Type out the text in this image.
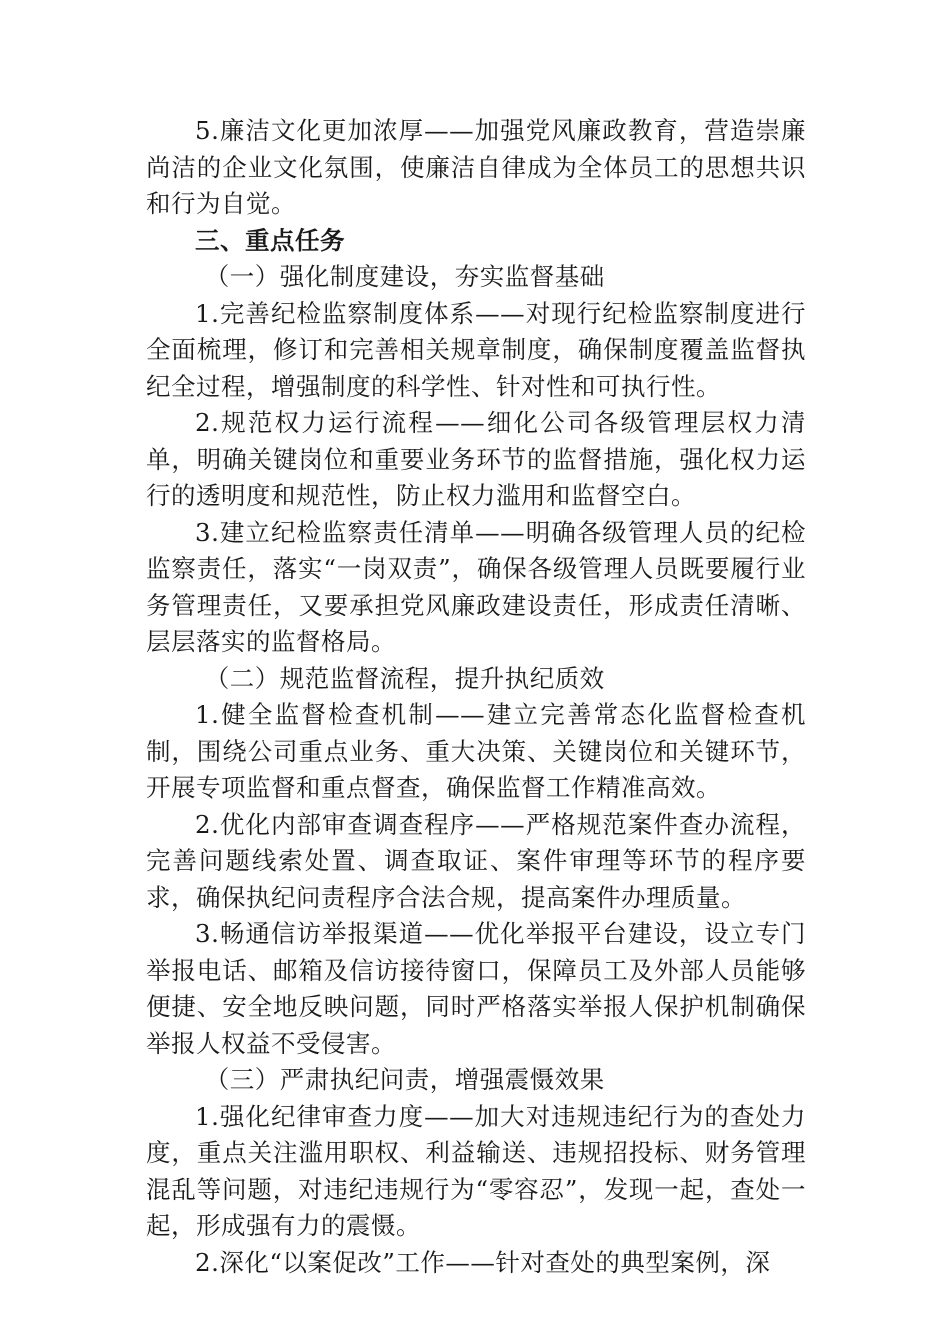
5.廉洁文化更加浓厚——加强党风廉政教育，营造崇廉尚洁的企业文化氛围，使廉洁自律成为全体员工的思想共识和行为自觉。

三、重点任务

（一）强化制度建设，夯实监督基础

1.完善纪检监察制度体系——对现行纪检监察制度进行全面梳理，修订和完善相关规章制度，确保制度覆盖监督执纪全过程，增强制度的科学性、针对性和可执行性。

2.规范权力运行流程——细化公司各级管理层权力清单，明确关键岗位和重要业务环节的监督措施，强化权力运行的透明度和规范性，防止权力滥用和监督空白。

3.建立纪检监察责任清单——明确各级管理人员的纪检监察责任，落实“一岗双责”，确保各级管理人员既要履行业务管理责任，又要承担党风廉政建设责任，形成责任清晰、层层落实的监督格局。

（二）规范监督流程，提升执纪质效

1.健全监督检查机制——建立完善常态化监督检查机制，围绕公司重点业务、重大决策、关键岗位和关键环节，开展专项监督和重点督查，确保监督工作精准高效。

2.优化内部审查调查程序——严格规范案件查办流程，完善问题线索处置、调查取证、案件审理等环节的程序要求，确保执纪问责程序合法合规，提高案件办理质量。

3.畅通信访举报渠道——优化举报平台建设，设立专门举报电话、邮箱及信访接待窗口，保障员工及外部人员能够便捷、安全地反映问题，同时严格落实举报人保护机制确保举报人权益不受侵害。

（三）严肃执纪问责，增强震慑效果

1.强化纪律审查力度——加大对违规违纪行为的查处力度，重点关注滥用职权、利益输送、违规招投标、财务管理混乱等问题，对违纪违规行为“零容忍”，发现一起，查处一起，形成强有力的震慑。

2.深化“以案促改”工作——针对查处的典型案例，深
